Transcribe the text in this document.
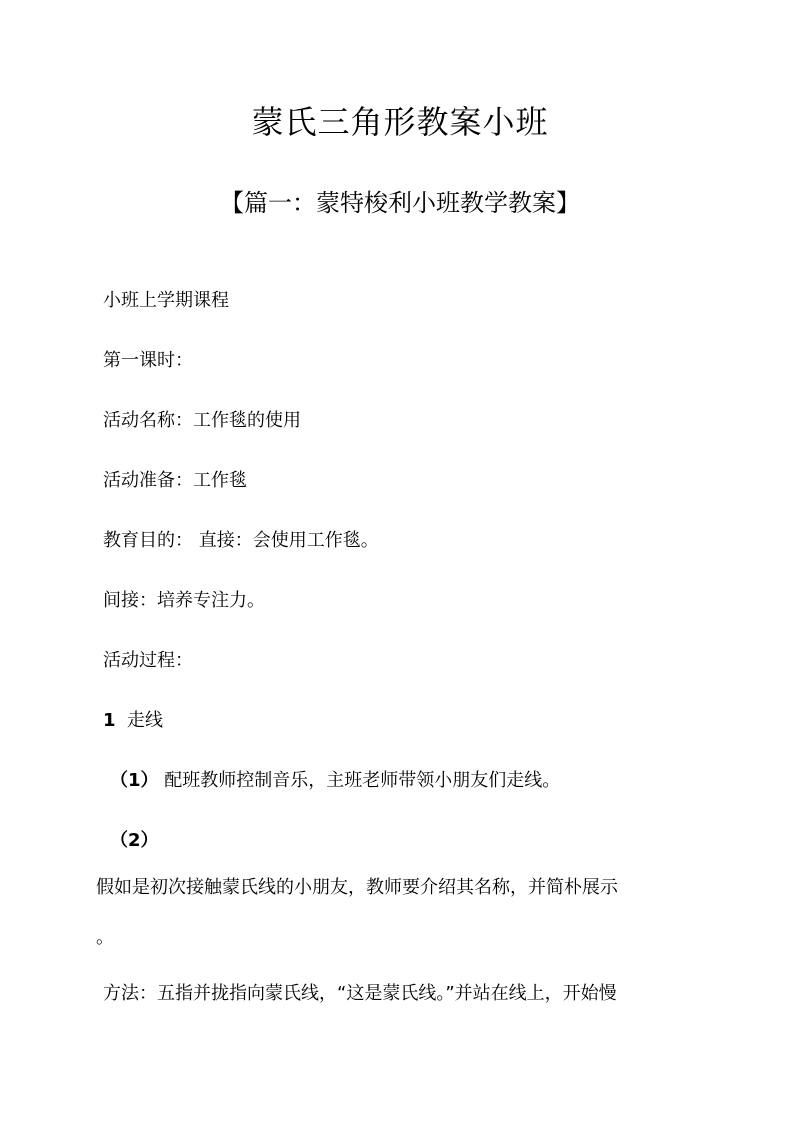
蒙氏三角形教案小班
【篇一：蒙特梭利小班教学教案】
小班上学期课程
第一课时：
活动名称：工作毯的使用
活动准备：工作毯
教育目的： 直接：会使用工作毯。
间接：培养专注力。
活动过程：
1 走线
（1） 配班教师控制音乐，主班老师带领小朋友们走线。
（2）
假如是初次接触蒙氏线的小朋友，教师要介绍其名称，并简朴展示
。
方法：五指并拢指向蒙氏线，“这是蒙氏线。”并站在线上，开始慢
